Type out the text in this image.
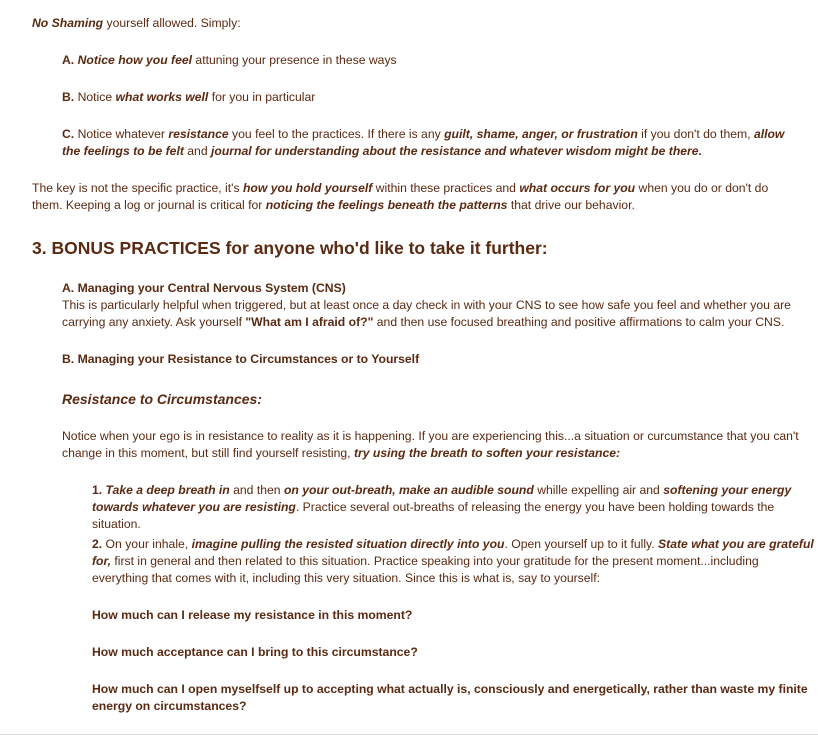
No Shaming yourself allowed. Simply:

A. Notice how you feel attuning your presence in these ways

B. Notice what works well for you in particular

C. Notice whatever resistance you feel to the practices. If there is any guilt, shame, anger, or frustration if you don't do them, allow the feelings to be felt and journal for understanding about the resistance and whatever wisdom might be there.

The key is not the specific practice, it's how you hold yourself within these practices and what occurs for you when you do or don't do them. Keeping a log or journal is critical for noticing the feelings beneath the patterns that drive our behavior.

3. BONUS PRACTICES for anyone who'd like to take it further:

A. Managing your Central Nervous System (CNS)

This is particularly helpful when triggered, but at least once a day check in with your CNS to see how safe you feel and whether you are carrying any anxiety. Ask yourself "What am I afraid of?" and then use focused breathing and positive affirmations to calm your CNS.

B. Managing your Resistance to Circumstances or to Yourself

Resistance to Circumstances:

Notice when your ego is in resistance to reality as it is happening. If you are experiencing this...a situation or curcumstance that you can't change in this moment, but still find yourself resisting, try using the breath to soften your resistance:

1. Take a deep breath in and then on your out-breath, make an audible sound whille expelling air and softening your energy towards whatever you are resisting. Practice several out-breaths of releasing the energy you have been holding towards the situation.

2. On your inhale, imagine pulling the resisted situation directly into you. Open yourself up to it fully. State what you are grateful for, first in general and then related to this situation. Practice speaking into your gratitude for the present moment...including everything that comes with it, including this very situation. Since this is what is, say to yourself:

How much can I release my resistance in this moment?

How much acceptance can I bring to this circumstance?

How much can I open myselfself up to accepting what actually is, consciously and energetically, rather than waste my finite energy on circumstances?
